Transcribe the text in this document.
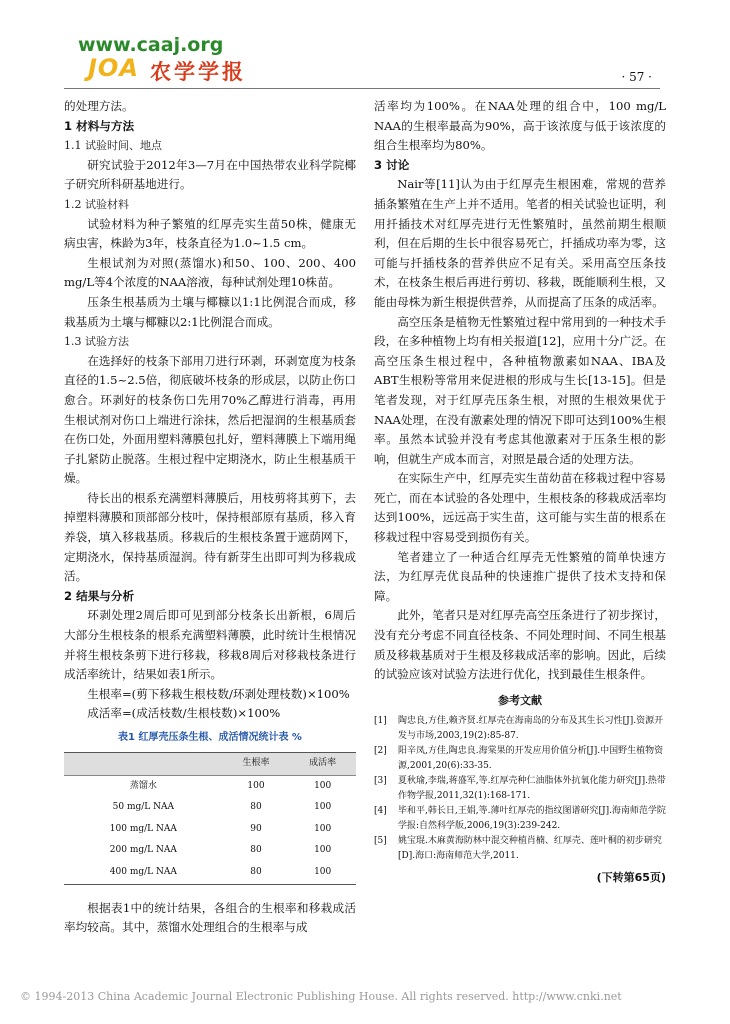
www.caaj.org
JOA 农学学报	· 57 ·

的处理方法。

1 材料与方法
1.1 试验时间、地点

研究试验于2012年3—7月在中国热带农业科学院椰子研究所科研基地进行。

1.2 试验材料

试验材料为种子繁殖的红厚壳实生苗50株，健康无病虫害，株龄为3年，枝条直径为1.0~1.5 cm。

生根试剂为对照(蒸馏水)和50、100、200、400 mg/L等4个浓度的NAA溶液，每种试剂处理10株苗。

压条生根基质为土壤与椰糠以1:1比例混合而成，移栽基质为土壤与椰糠以2:1比例混合而成。

1.3 试验方法

在选择好的枝条下部用刀进行环剥，环剥宽度为枝条直径的1.5~2.5倍，彻底破坏枝条的形成层，以防止伤口愈合。环剥好的枝条伤口先用70%乙醇进行消毒，再用生根试剂对伤口上端进行涂抹，然后把湿润的生根基质套在伤口处，外面用塑料薄膜包扎好，塑料薄膜上下端用绳子扎紧防止脱落。生根过程中定期浇水，防止生根基质干燥。

待长出的根系充满塑料薄膜后，用枝剪将其剪下，去掉塑料薄膜和顶部部分枝叶，保持根部原有基质，移入育养袋，填入移栽基质。移栽后的生根枝条置于遮荫网下，定期浇水，保持基质湿润。待有新芽生出即可判为移栽成活。

2 结果与分析

环剥处理2周后即可见到部分枝条长出新根，6周后大部分生根枝条的根系充满塑料薄膜，此时统计生根情况并将生根枝条剪下进行移栽，移栽8周后对移栽枝条进行成活率统计，结果如表1所示。

生根率=(剪下移栽生根枝数/环剥处理枝数)×100%

成活率=(成活枝数/生根枝数)×100%

表1 红厚壳压条生根、成活情况统计表 %
	生根率	成活率
蒸馏水	100	100
50 mg/L NAA	80	100
100 mg/L NAA	90	100
200 mg/L NAA	80	100
400 mg/L NAA	80	100

根据表1中的统计结果，各组合的生根率和移栽成活率均较高。其中，蒸馏水处理组合的生根率与成

活率均为100%。在NAA处理的组合中，100 mg/L NAA的生根率最高为90%，高于该浓度与低于该浓度的组合生根率均为80%。

3 讨论

Nair等[11]认为由于红厚壳生根困难，常规的营养插条繁殖在生产上并不适用。笔者的相关试验也证明，利用扦插技术对红厚壳进行无性繁殖时，虽然前期生根顺利，但在后期的生长中很容易死亡，扦插成功率为零，这可能与扦插枝条的营养供应不足有关。采用高空压条技术，在枝条生根后再进行剪切、移栽，既能顺利生根，又能由母株为新生根提供营养，从而提高了压条的成活率。

高空压条是植物无性繁殖过程中常用到的一种技术手段，在多种植物上均有相关报道[12]，应用十分广泛。在高空压条生根过程中，各种植物激素如NAA、IBA及ABT生根粉等常用来促进根的形成与生长[13-15]。但是笔者发现，对于红厚壳压条生根，对照的生根效果优于NAA处理，在没有激素处理的情况下即可达到100%生根率。虽然本试验并没有考虑其他激素对于压条生根的影响，但就生产成本而言，对照是最合适的处理方法。

在实际生产中，红厚壳实生苗幼苗在移栽过程中容易死亡，而在本试验的各处理中，生根枝条的移栽成活率均达到100%，远远高于实生苗，这可能与实生苗的根系在移栽过程中容易受到损伤有关。

笔者建立了一种适合红厚壳无性繁殖的简单快速方法，为红厚壳优良品种的快速推广提供了技术支持和保障。

此外，笔者只是对红厚壳高空压条进行了初步探讨，没有充分考虑不同直径枝条、不同处理时间、不同生根基质及移栽基质对于生根及移栽成活率的影响。因此，后续的试验应该对试验方法进行优化，找到最佳生根条件。

参考文献
[1]	陶忠良,方佳,赖齐贤.红厚壳在海南岛的分布及其生长习性[J].资源开发与市场,2003,19(2):85-87.
[2]	阳辛凤,方佳,陶忠良.海棠果的开发应用价值分析[J].中国野生植物资源,2001,20(6):33-35.
[3]	夏秋瑜,李瑞,蒋盛军,等.红厚壳种仁油脂体外抗氧化能力研究[J].热带作物学报,2011,32(1):168-171.
[4]	毕和平,韩长日,王娟,等.薄叶红厚壳的指纹图谱研究[J].海南师范学院学报:自然科学版,2006,19(3):239-242.
[5]	姚宝琨.木麻黄海防林中混交种植肖楠、红厚壳、莲叶桐的初步研究[D].海口:海南师范大学,2011.
(下转第65页)
© 1994-2013 China Academic Journal Electronic Publishing House. All rights reserved. http://www.cnki.net
